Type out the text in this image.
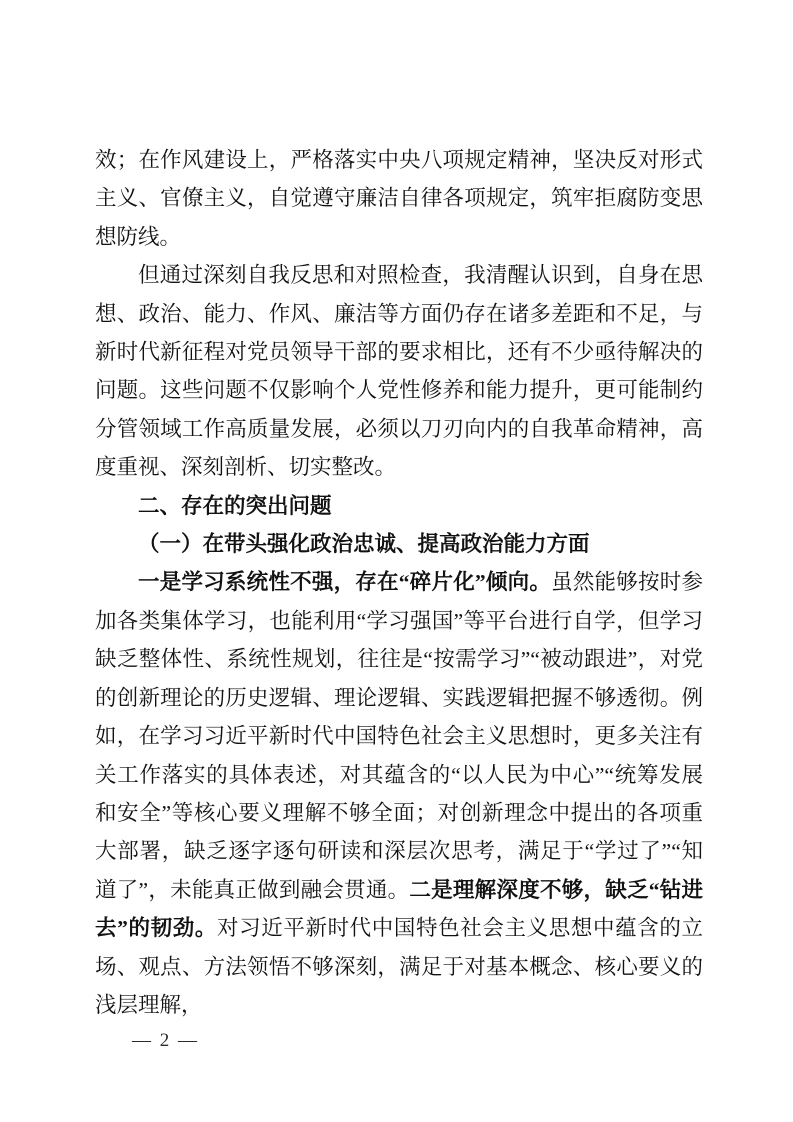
效；在作风建设上，严格落实中央八项规定精神，坚决反对形式主义、官僚主义，自觉遵守廉洁自律各项规定，筑牢拒腐防变思想防线。

但通过深刻自我反思和对照检查，我清醒认识到，自身在思想、政治、能力、作风、廉洁等方面仍存在诸多差距和不足，与新时代新征程对党员领导干部的要求相比，还有不少亟待解决的问题。这些问题不仅影响个人党性修养和能力提升，更可能制约分管领域工作高质量发展，必须以刀刃向内的自我革命精神，高度重视、深刻剖析、切实整改。

二、存在的突出问题

（一）在带头强化政治忠诚、提高政治能力方面

一是学习系统性不强，存在“碎片化”倾向。虽然能够按时参加各类集体学习，也能利用“学习强国”等平台进行自学，但学习缺乏整体性、系统性规划，往往是“按需学习”“被动跟进”，对党的创新理论的历史逻辑、理论逻辑、实践逻辑把握不够透彻。例如，在学习习近平新时代中国特色社会主义思想时，更多关注有关工作落实的具体表述，对其蕴含的“以人民为中心”“统筹发展和安全”等核心要义理解不够全面；对创新理念中提出的各项重大部署，缺乏逐字逐句研读和深层次思考，满足于“学过了”“知道了”，未能真正做到融会贯通。二是理解深度不够，缺乏“钻进去”的韧劲。对习近平新时代中国特色社会主义思想中蕴含的立场、观点、方法领悟不够深刻，满足于对基本概念、核心要义的浅层理解，

— 2 —
